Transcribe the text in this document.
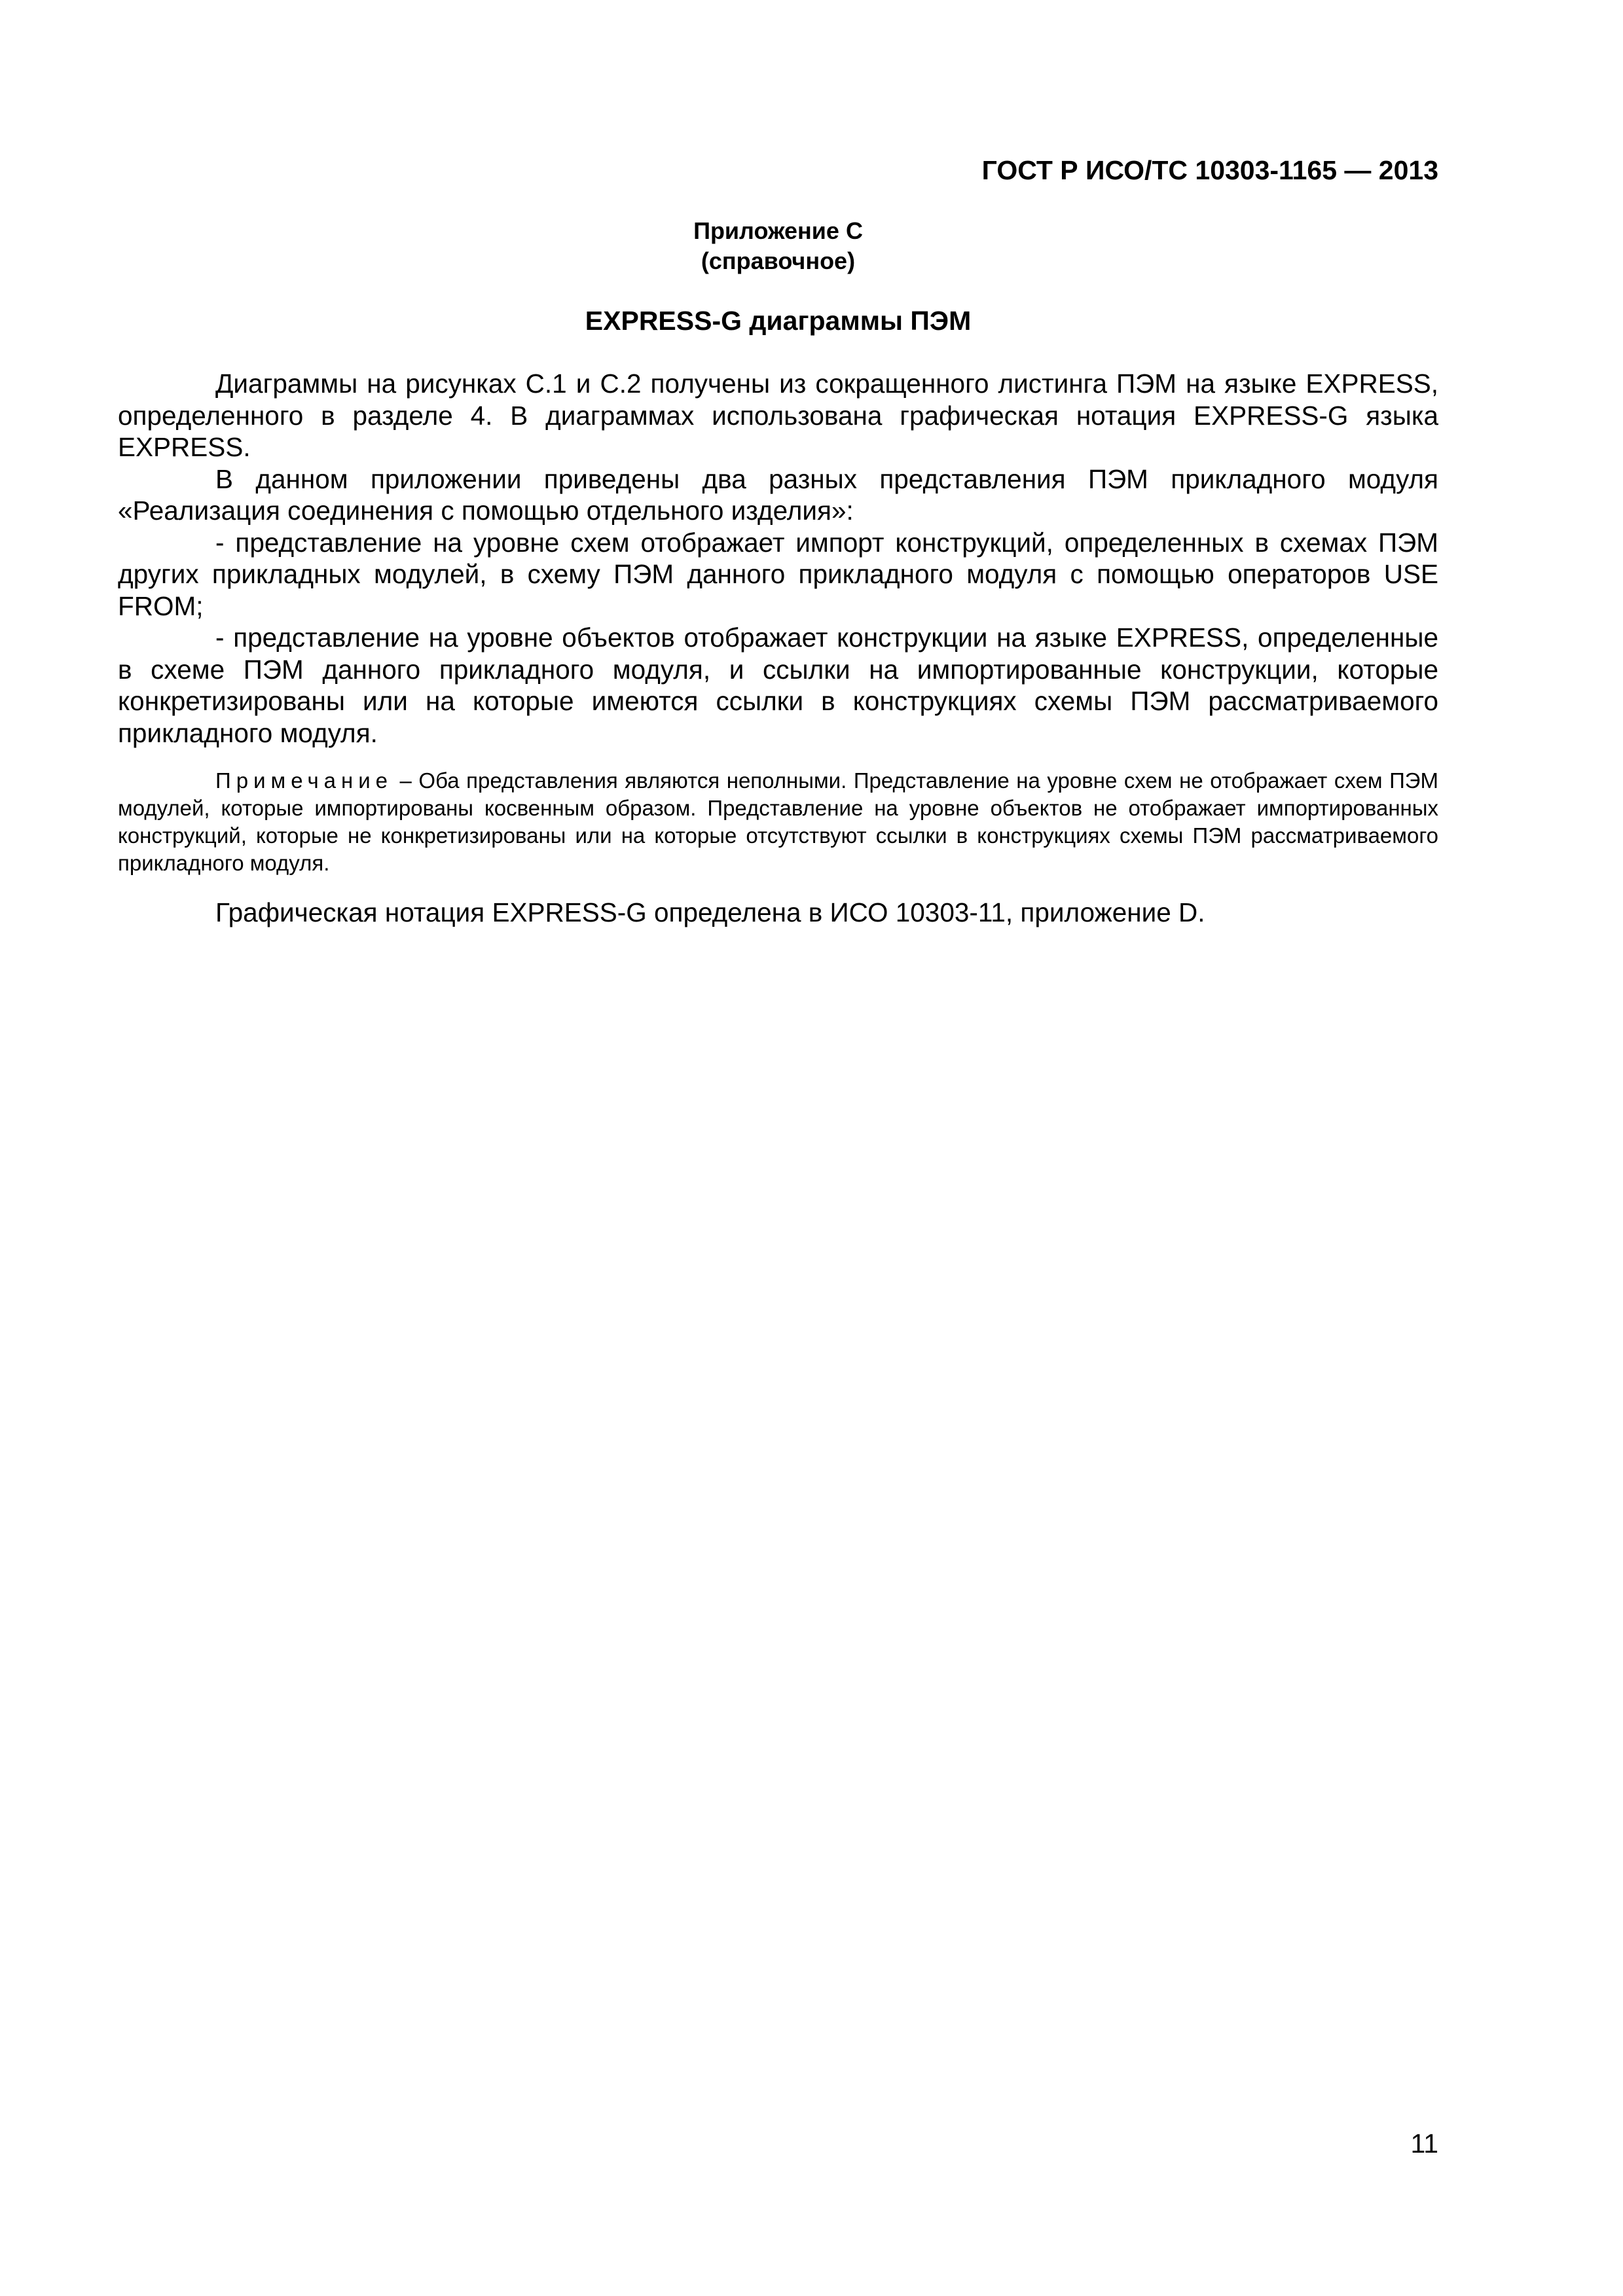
ГОСТ Р ИСО/ТС 10303-1165 — 2013
Приложение С
(справочное)
EXPRESS-G диаграммы ПЭМ

Диаграммы на рисунках С.1 и С.2 получены из сокращенного листинга ПЭМ на языке EXPRESS, определенного в разделе 4. В диаграммах использована графическая нотация EXPRESS-G языка EXPRESS.

В данном приложении приведены два разных представления ПЭМ прикладного модуля «Реализация соединения с помощью отдельного изделия»:

- представление на уровне схем отображает импорт конструкций, определенных в схемах ПЭМ других прикладных модулей, в схему ПЭМ данного прикладного модуля с помощью операторов USE FROM;

- представление на уровне объектов отображает конструкции на языке EXPRESS, определенные в схеме ПЭМ данного прикладного модуля, и ссылки на импортированные конструкции, которые конкретизированы или на которые имеются ссылки в конструкциях схемы ПЭМ рассматриваемого прикладного модуля.

Примечание – Оба представления являются неполными. Представление на уровне схем не отображает схем ПЭМ модулей, которые импортированы косвенным образом. Представление на уровне объектов не отображает импортированных конструкций, которые не конкретизированы или на которые отсутствуют ссылки в конструкциях схемы ПЭМ рассматриваемого прикладного модуля.

Графическая нотация EXPRESS-G определена в ИСО 10303-11, приложение D.

11
